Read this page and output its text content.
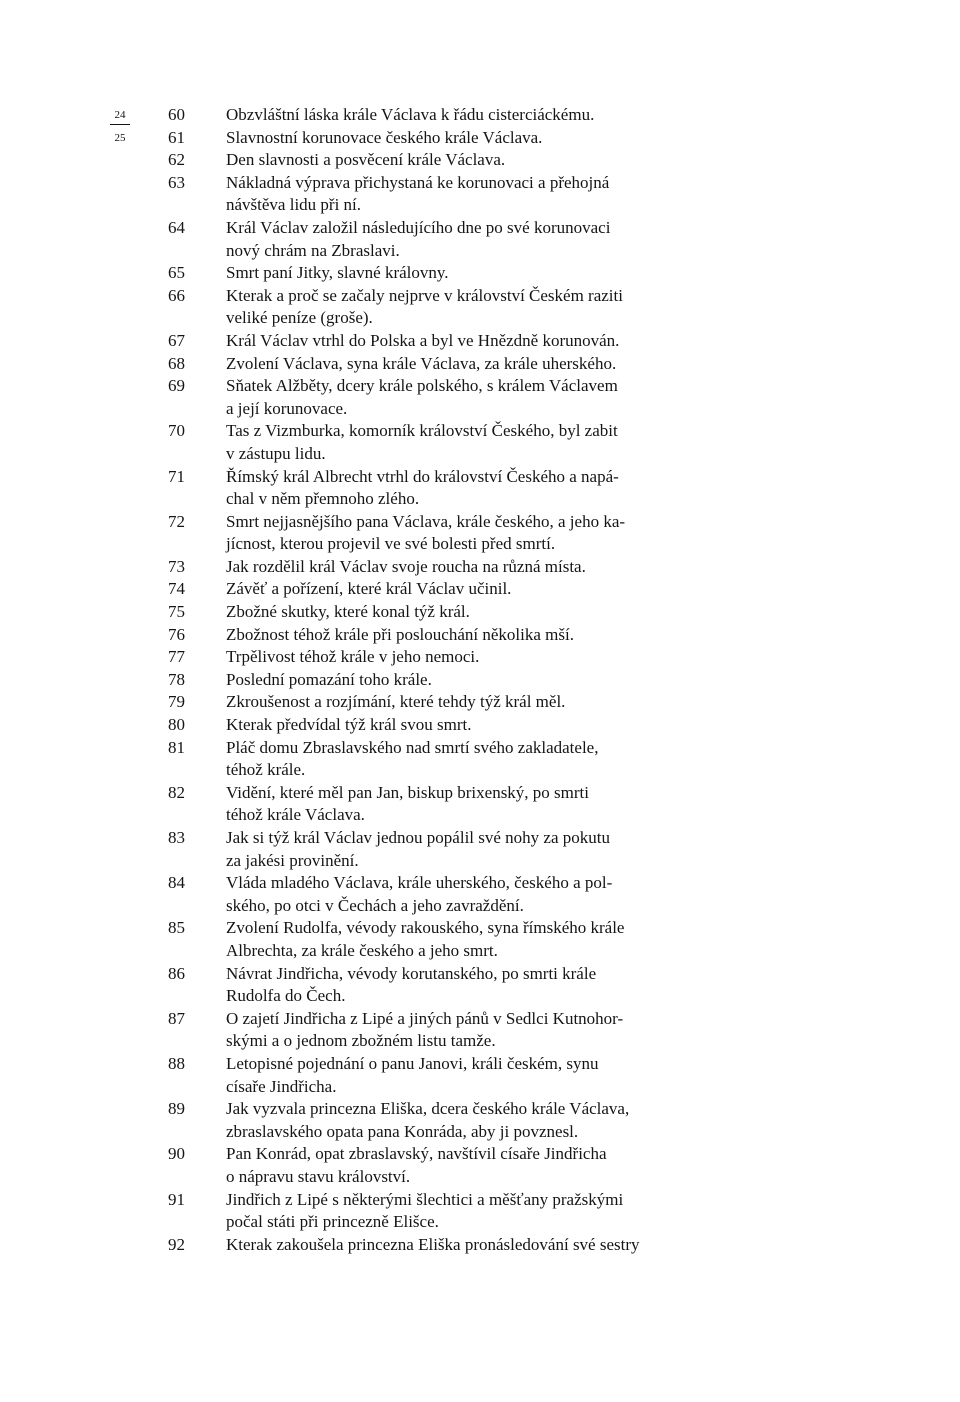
24
25
60	Obzvláštní láska krále Václava k řádu cisterciáckému.
61	Slavnostní korunovace českého krále Václava.
62	Den slavnosti a posvěcení krále Václava.
63	Nákladná výprava přichystaná ke korunovaci a přehojná
návštěva lidu při ní.
64	Král Václav založil následujícího dne po své korunovaci
nový chrám na Zbraslavi.
65	Smrt paní Jitky, slavné královny.
66	Kterak a proč se začaly nejprve v království Českém raziti
veliké peníze (groše).
67	Král Václav vtrhl do Polska a byl ve Hnězdně korunován.
68	Zvolení Václava, syna krále Václava, za krále uherského.
69	Sňatek Alžběty, dcery krále polského, s králem Václavem
a její korunovace.
70	Tas z Vizmburka, komorník království Českého, byl zabit
v zástupu lidu.
71	Římský král Albrecht vtrhl do království Českého a napá-
chal v něm přemnoho zlého.
72	Smrt nejjasnějšího pana Václava, krále českého, a jeho ka-
jícnost, kterou projevil ve své bolesti před smrtí.
73	Jak rozdělil král Václav svoje roucha na různá místa.
74	Závěť a pořízení, které král Václav učinil.
75	Zbožné skutky, které konal týž král.
76	Zbožnost téhož krále při poslouchání několika mší.
77	Trpělivost téhož krále v jeho nemoci.
78	Poslední pomazání toho krále.
79	Zkroušenost a rozjímání, které tehdy týž král měl.
80	Kterak předvídal týž král svou smrt.
81	Pláč domu Zbraslavského nad smrtí svého zakladatele,
téhož krále.
82	Vidění, které měl pan Jan, biskup brixenský, po smrti
téhož krále Václava.
83	Jak si týž král Václav jednou popálil své nohy za pokutu
za jakési provinění.
84	Vláda mladého Václava, krále uherského, českého a pol-
ského, po otci v Čechách a jeho zavraždění.
85	Zvolení Rudolfa, vévody rakouského, syna římského krále
Albrechta, za krále českého a jeho smrt.
86	Návrat Jindřicha, vévody korutanského, po smrti krále
Rudolfa do Čech.
87	O zajetí Jindřicha z Lipé a jiných pánů v Sedlci Kutnohor-
skými a o jednom zbožném listu tamže.
88	Letopisné pojednání o panu Janovi, králi českém, synu
císaře Jindřicha.
89	Jak vyzvala princezna Eliška, dcera českého krále Václava,
zbraslavského opata pana Konráda, aby ji povznesl.
90	Pan Konrád, opat zbraslavský, navštívil císaře Jindřicha
o nápravu stavu království.
91	Jindřich z Lipé s některými šlechtici a měšťany pražskými
počal státi při princezně Elišce.
92	Kterak zakoušela princezna Eliška pronásledování své sestry
